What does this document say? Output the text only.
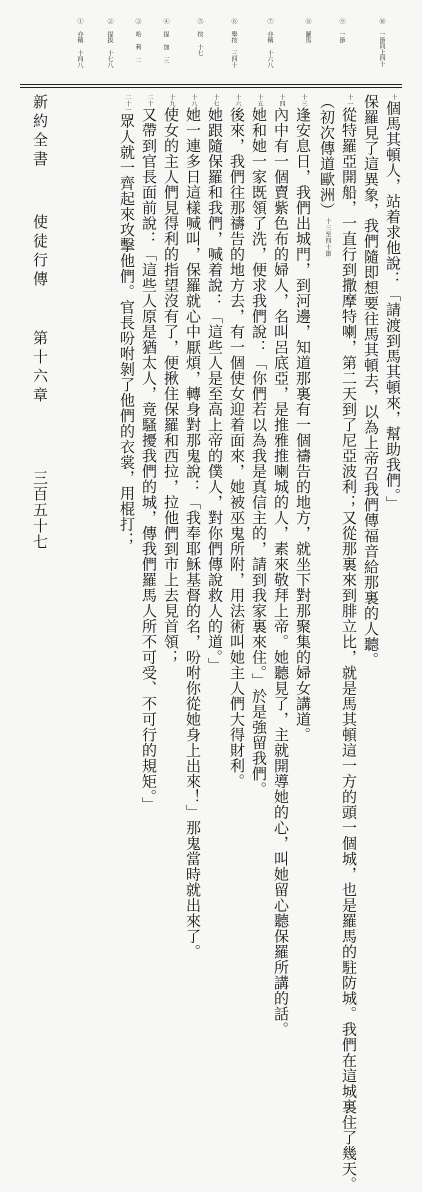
⑩ 一節同上四十
⑨ 一節
⑧ 羅馬
⑦ 亦稱 十六八
⑥ 舉按 三四十
⑤ 按 十七
④ 提 加 三
③ 哈 利 二
② 提拔 十七八
① 亦稱 十四八
十個馬其頓人，站着求他說：「請渡到馬其頓來，幫助我們。」
保羅見了這異象，我們隨即想要往馬其頓去，以為上帝召我們傳福音給那裏的人聽。
十一從特羅亞開船，一直行到撒摩特喇，第二天到了尼亞波利；又從那裏來到腓立比，就是馬其頓這一方的頭一個城，也是羅馬的駐防城。我們在這城裏住了幾天。
（初次傳道歐洲）十三至四十節
十三逢安息日，我們出城門，到河邊，知道那裏有一個禱告的地方，就坐下對那聚集的婦女講道。
十四內中有一個賣紫色布的婦人，名叫呂底亞，是推雅推喇城的人，素來敬拜上帝。她聽見了，主就開導她的心，叫她留心聽保羅所講的話。
十五她和她一家既領了洗，便求我們說：「你們若以為我是真信主的，請到我家裏來住。」於是強留我們。
十六後來，我們往那禱告的地方去，有一個使女迎着面來，她被巫鬼所附，用法術叫她主人們大得財利。
十七她跟隨保羅和我們，喊着說：「這些人是至高上帝的僕人，對你們傳說救人的道。」
十八她一連多日這樣喊叫，保羅就心中厭煩，轉身對那鬼說：「我奉耶穌基督的名，吩咐你從她身上出來！」那鬼當時就出來了。
十九使女的主人們見得利的指望沒有了，便揪住保羅和西拉，拉他們到市上去見首領；
二十又帶到官長面前說：「這些人原是猶太人，竟騷擾我們的城，傳我們羅馬人所不可受、不可行的規矩。」
二十一眾人就一齊起來攻擊他們。官長吩咐剝了他們的衣裳，用棍打；
新約全書 使徒行傳 第十六章
三百五十七
